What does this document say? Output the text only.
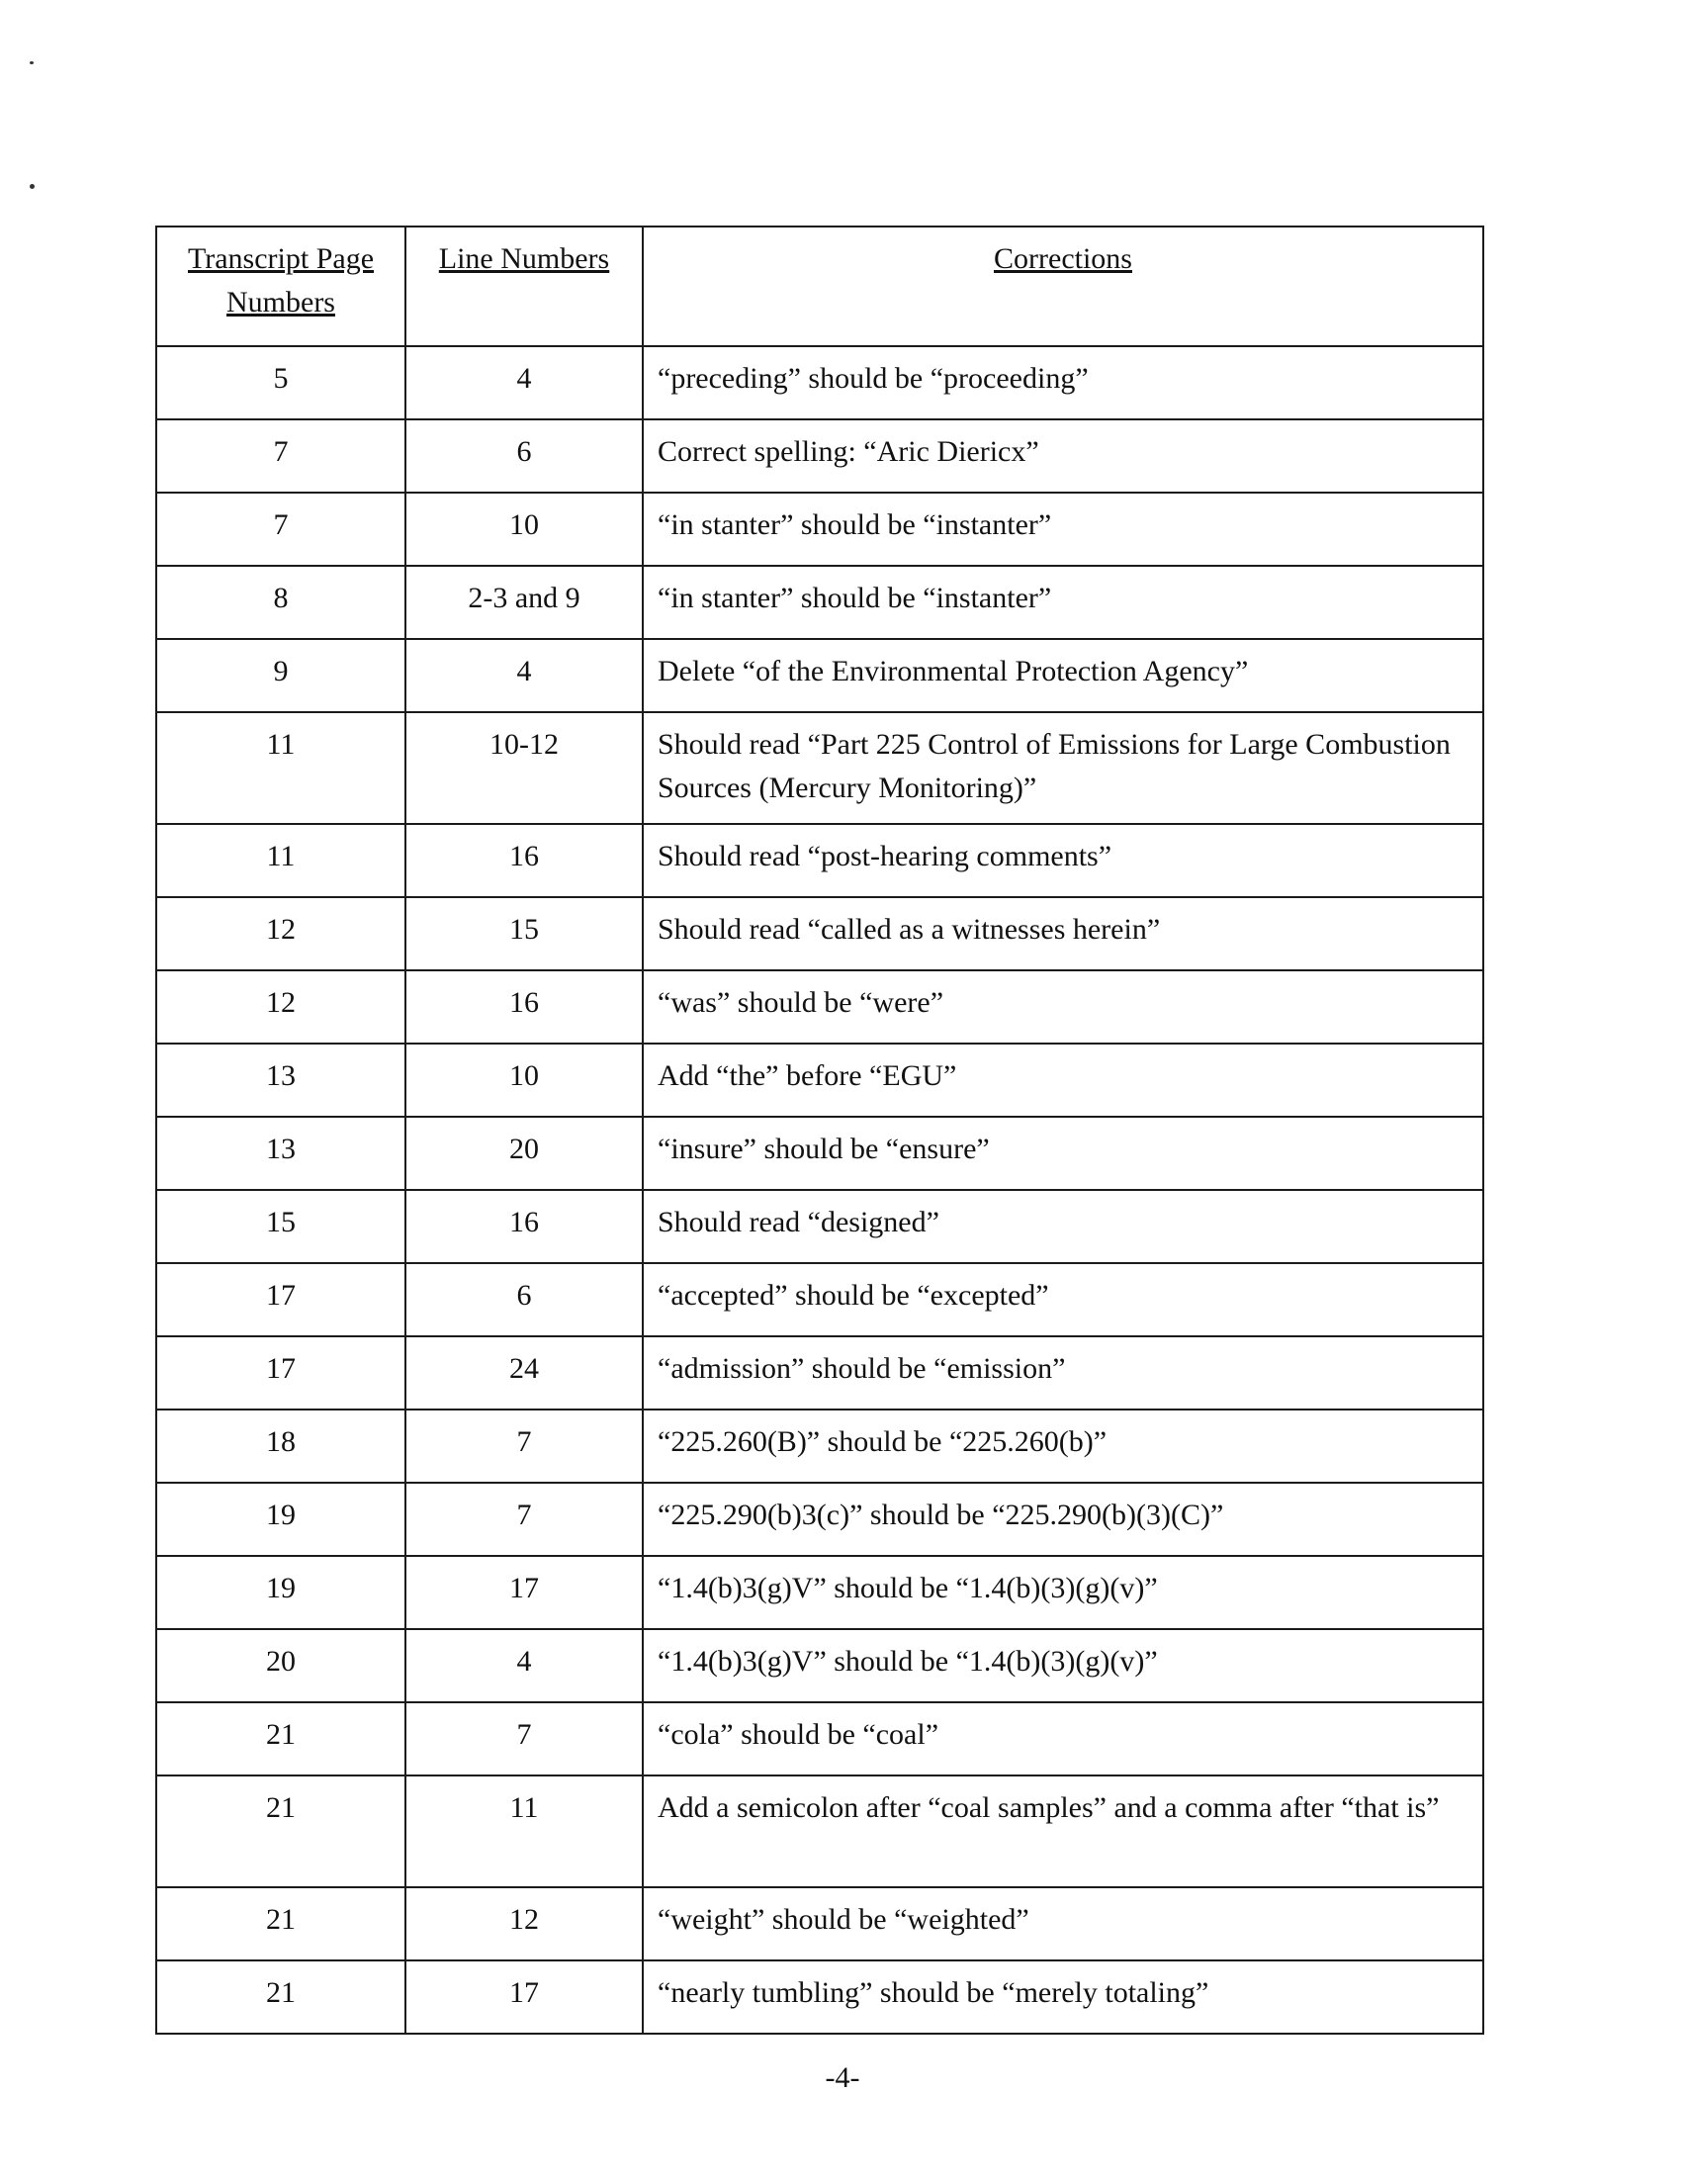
Transcript Page Numbers	Line Numbers	Corrections
5	4	“preceding” should be “proceeding”
7	6	Correct spelling: “Aric Diericx”
7	10	“in stanter” should be “instanter”
8	2-3 and 9	“in stanter” should be “instanter”
9	4	Delete “of the Environmental Protection Agency”
11	10-12	Should read “Part 225 Control of Emissions for Large Combustion Sources (Mercury Monitoring)”
11	16	Should read “post-hearing comments”
12	15	Should read “called as a witnesses herein”
12	16	“was” should be “were”
13	10	Add “the” before “EGU”
13	20	“insure” should be “ensure”
15	16	Should read “designed”
17	6	“accepted” should be “excepted”
17	24	“admission” should be “emission”
18	7	“225.260(B)” should be “225.260(b)”
19	7	“225.290(b)3(c)” should be “225.290(b)(3)(C)”
19	17	“1.4(b)3(g)V” should be “1.4(b)(3)(g)(v)”
20	4	“1.4(b)3(g)V” should be “1.4(b)(3)(g)(v)”
21	7	“cola” should be “coal”
21	11	Add a semicolon after “coal samples” and a comma after “that is”
21	12	“weight” should be “weighted”
21	17	“nearly tumbling” should be “merely totaling”
-4-
